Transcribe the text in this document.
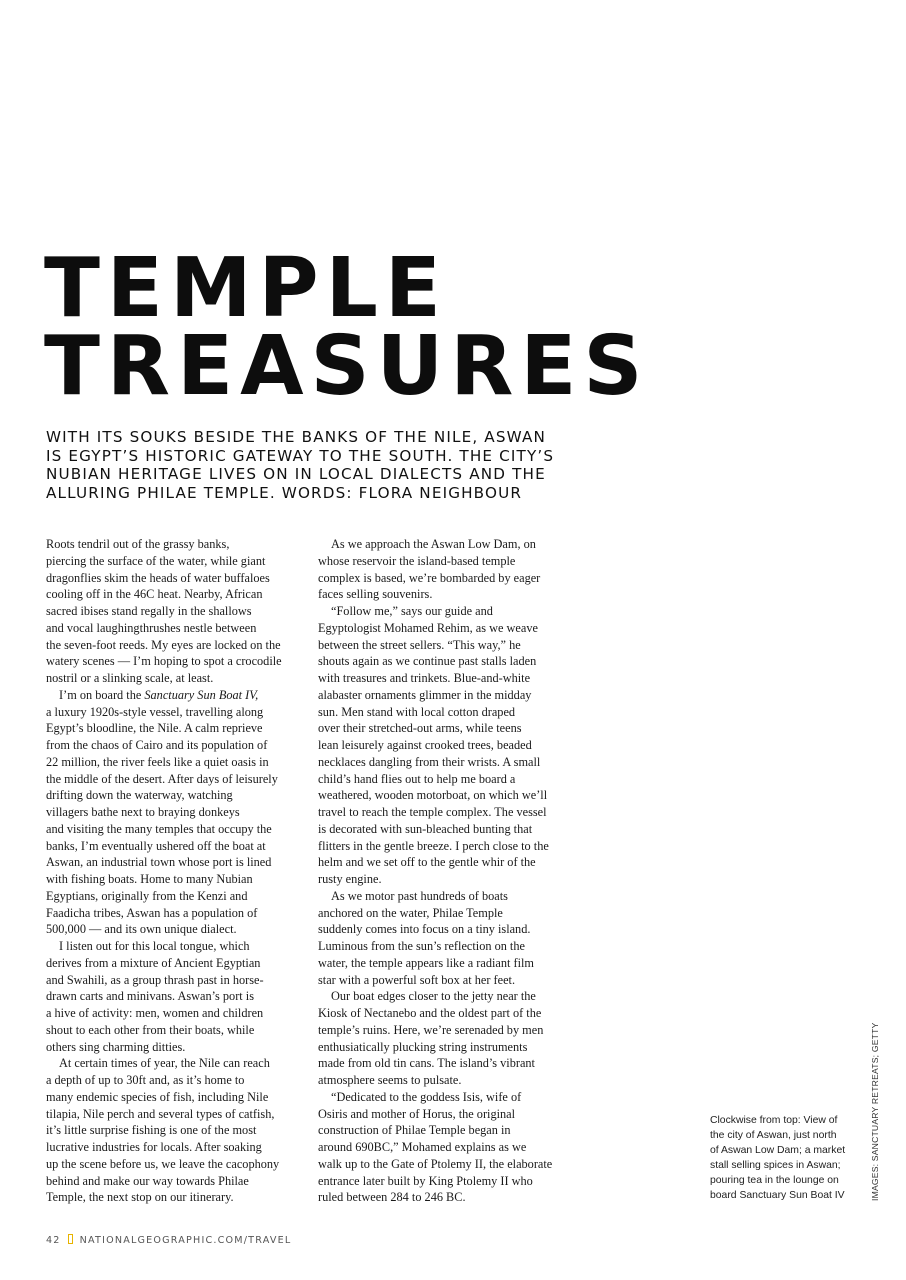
TEMPLE
TREASURES

WITH ITS SOUKS BESIDE THE BANKS OF THE NILE, ASWAN
IS EGYPT’S HISTORIC GATEWAY TO THE SOUTH. THE CITY’S
NUBIAN HERITAGE LIVES ON IN LOCAL DIALECTS AND THE
ALLURING PHILAE TEMPLE. WORDS: FLORA NEIGHBOUR

Roots tendril out of the grassy banks,
piercing the surface of the water, while giant
dragonflies skim the heads of water buffaloes
cooling off in the 46C heat. Nearby, African
sacred ibises stand regally in the shallows
and vocal laughingthrushes nestle between
the seven-foot reeds. My eyes are locked on the
watery scenes — I’m hoping to spot a crocodile
nostril or a slinking scale, at least.
I’m on board the Sanctuary Sun Boat IV,
a luxury 1920s-style vessel, travelling along
Egypt’s bloodline, the Nile. A calm reprieve
from the chaos of Cairo and its population of
22 million, the river feels like a quiet oasis in
the middle of the desert. After days of leisurely
drifting down the waterway, watching
villagers bathe next to braying donkeys
and visiting the many temples that occupy the
banks, I’m eventually ushered off the boat at
Aswan, an industrial town whose port is lined
with fishing boats. Home to many Nubian
Egyptians, originally from the Kenzi and
Faadicha tribes, Aswan has a population of
500,000 — and its own unique dialect.
I listen out for this local tongue, which
derives from a mixture of Ancient Egyptian
and Swahili, as a group thrash past in horse-
drawn carts and minivans. Aswan’s port is
a hive of activity: men, women and children
shout to each other from their boats, while
others sing charming ditties.
At certain times of year, the Nile can reach
a depth of up to 30ft and, as it’s home to
many endemic species of fish, including Nile
tilapia, Nile perch and several types of catfish,
it’s little surprise fishing is one of the most
lucrative industries for locals. After soaking
up the scene before us, we leave the cacophony
behind and make our way towards Philae
Temple, the next stop on our itinerary.
As we approach the Aswan Low Dam, on
whose reservoir the island-based temple
complex is based, we’re bombarded by eager
faces selling souvenirs.
“Follow me,” says our guide and
Egyptologist Mohamed Rehim, as we weave
between the street sellers. “This way,” he
shouts again as we continue past stalls laden
with treasures and trinkets. Blue-and-white
alabaster ornaments glimmer in the midday
sun. Men stand with local cotton draped
over their stretched-out arms, while teens
lean leisurely against crooked trees, beaded
necklaces dangling from their wrists. A small
child’s hand flies out to help me board a
weathered, wooden motorboat, on which we’ll
travel to reach the temple complex. The vessel
is decorated with sun-bleached bunting that
flitters in the gentle breeze. I perch close to the
helm and we set off to the gentle whir of the
rusty engine.
As we motor past hundreds of boats
anchored on the water, Philae Temple
suddenly comes into focus on a tiny island.
Luminous from the sun’s reflection on the
water, the temple appears like a radiant film
star with a powerful soft box at her feet.
Our boat edges closer to the jetty near the
Kiosk of Nectanebo and the oldest part of the
temple’s ruins. Here, we’re serenaded by men
enthusiatically plucking string instruments
made from old tin cans. The island’s vibrant
atmosphere seems to pulsate.
“Dedicated to the goddess Isis, wife of
Osiris and mother of Horus, the original
construction of Philae Temple began in
around 690BC,” Mohamed explains as we
walk up to the Gate of Ptolemy II, the elaborate
entrance later built by King Ptolemy II who
ruled between 284 to 246 BC.
Clockwise from top: View of
the city of Aswan, just north
of Aswan Low Dam; a market
stall selling spices in Aswan;
pouring tea in the lounge on
board Sanctuary Sun Boat IV	IMAGES: SANCTUARY RETREATS; GETTY
42 NATIONALGEOGRAPHIC.COM/TRAVEL
